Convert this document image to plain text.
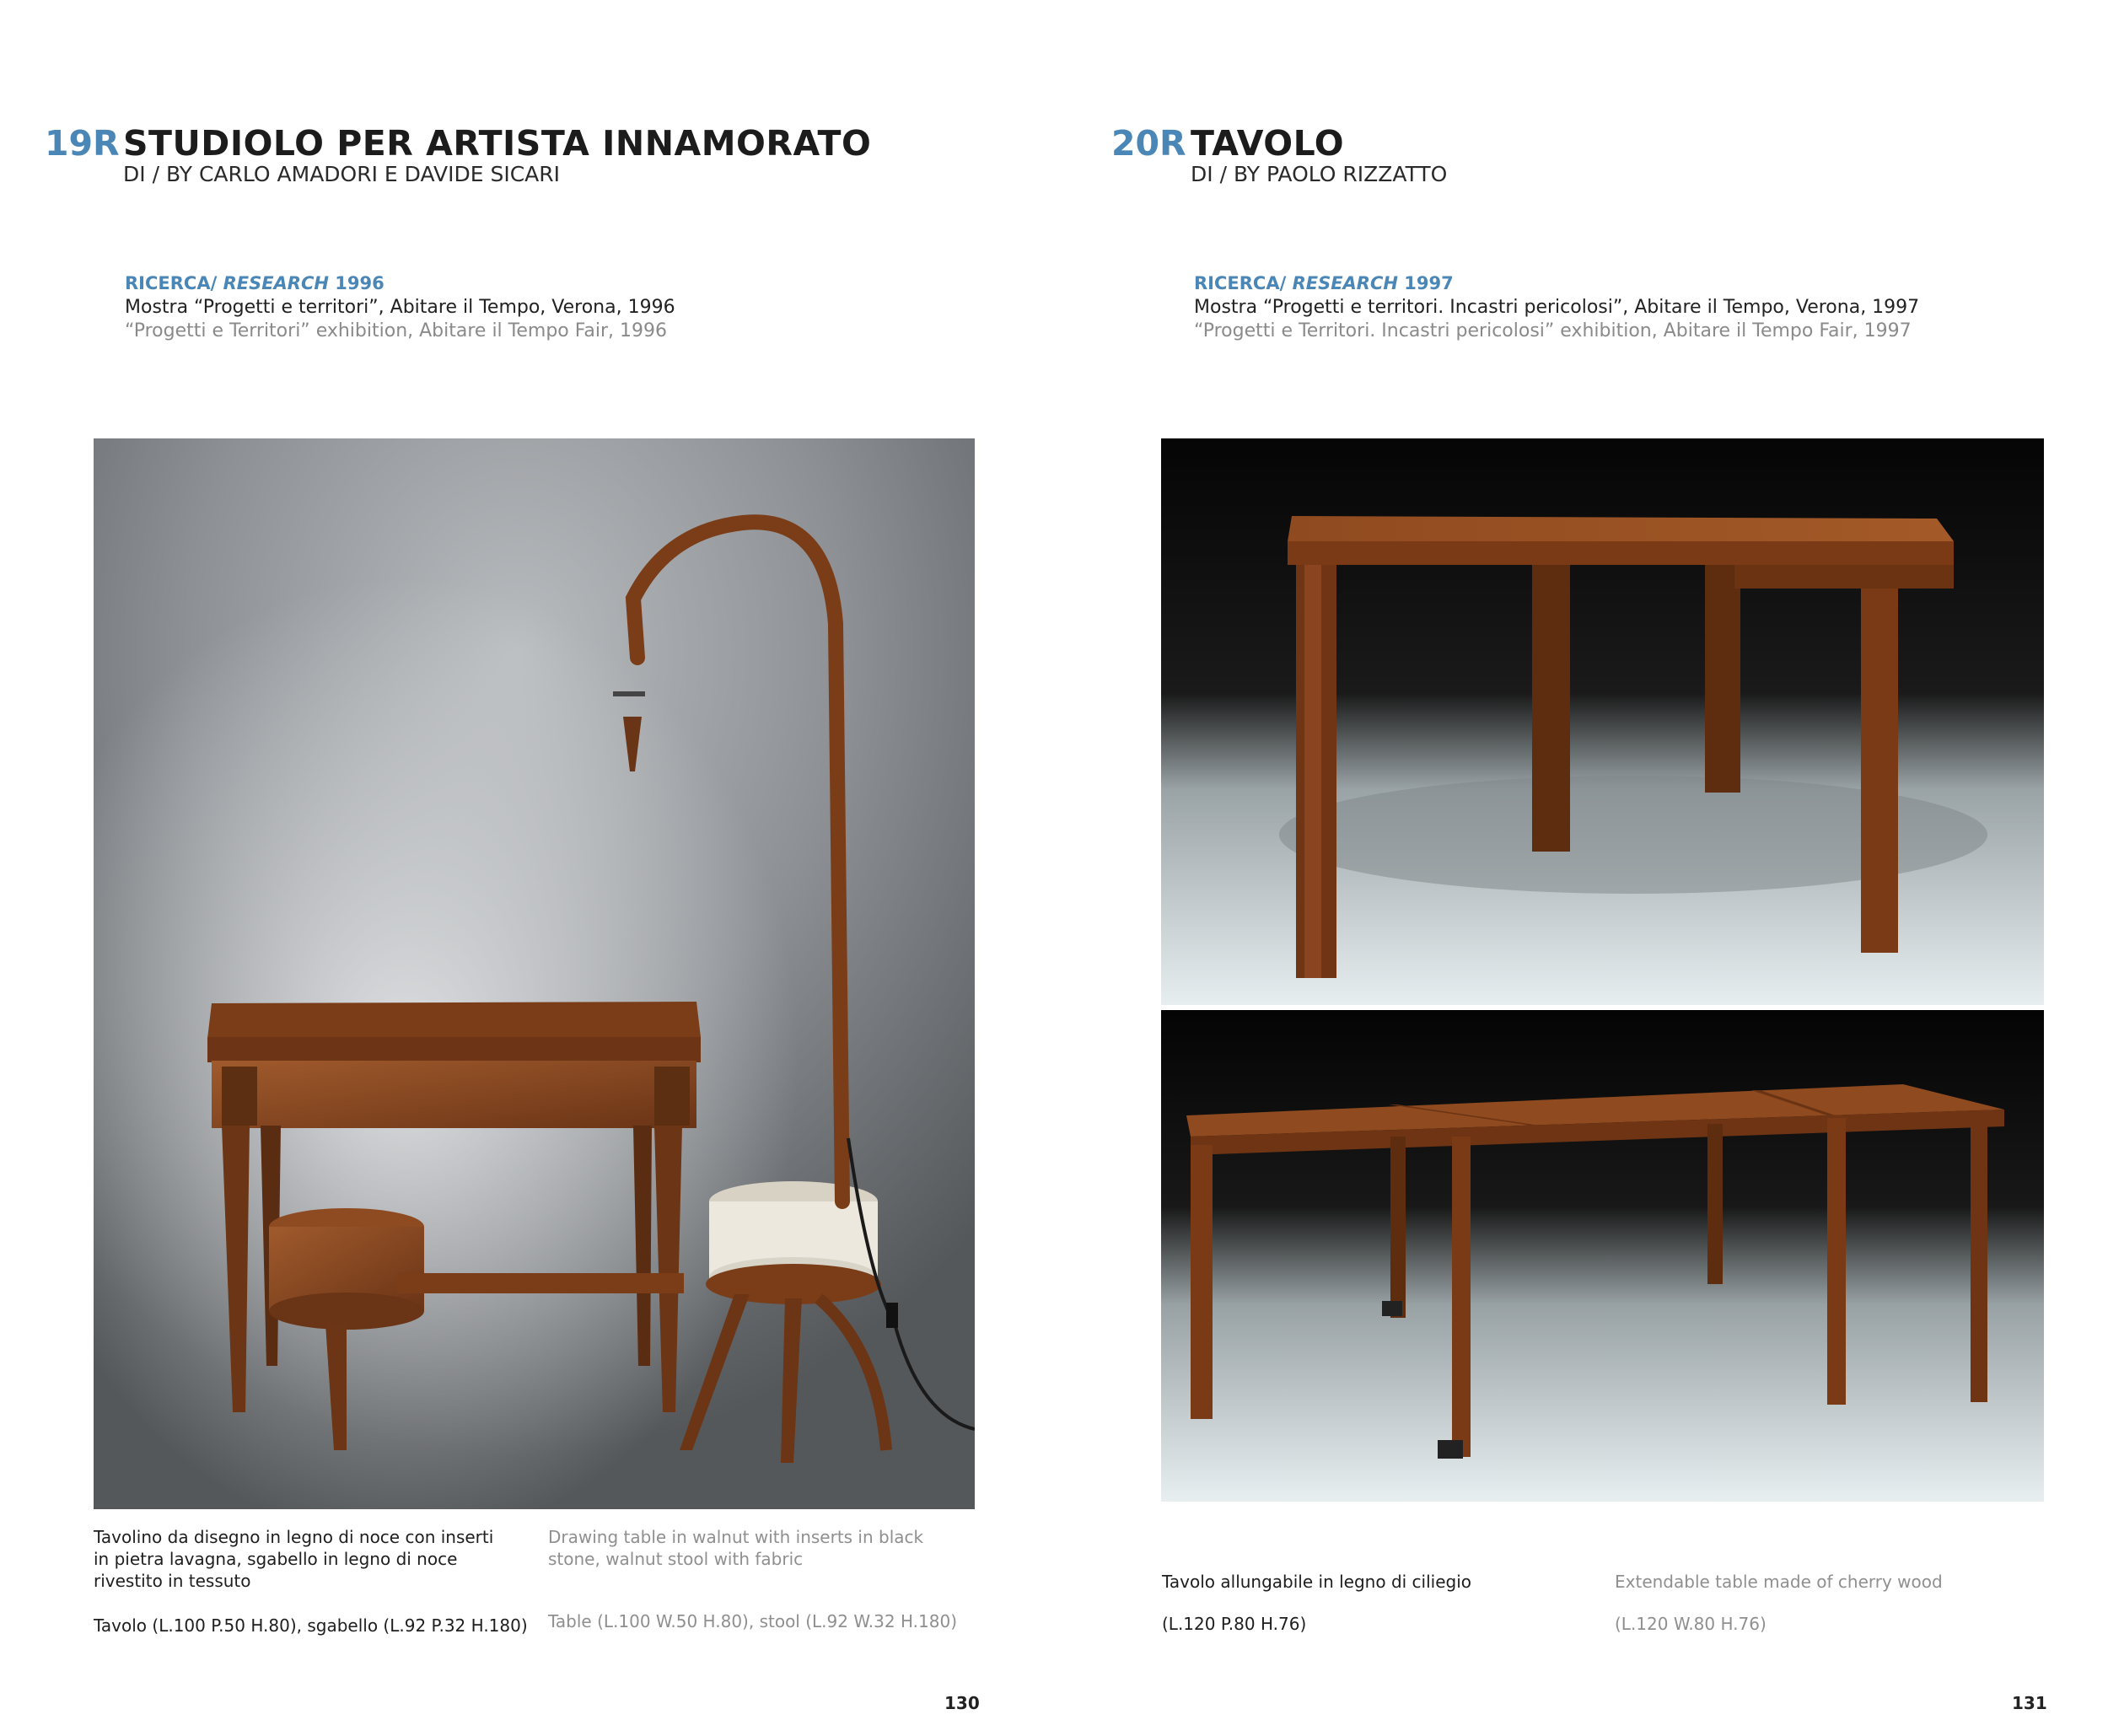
19R STUDIOLO PER ARTISTA INNAMORATO
DI / BY CARLO AMADORI E DAVIDE SICARI
RICERCA/ RESEARCH 1996
Mostra “Progetti e territori”, Abitare il Tempo, Verona, 1996
“Progetti e Territori” exhibition, Abitare il Tempo Fair, 1996
Tavolino da disegno in legno di noce con inserti
in pietra lavagna, sgabello in legno di noce
rivestito in tessuto
Drawing table in walnut with inserts in black
stone, walnut stool with fabric
Tavolo (L.100 P.50 H.80), sgabello (L.92 P.32 H.180) Table (L.100 W.50 H.80), stool (L.92 W.32 H.180)
130
20R TAVOLO
DI / BY PAOLO RIZZATTO
RICERCA/ RESEARCH 1997
Mostra “Progetti e territori. Incastri pericolosi”, Abitare il Tempo, Verona, 1997
“Progetti e Territori. Incastri pericolosi” exhibition, Abitare il Tempo Fair, 1997
Tavolo allungabile in legno di ciliegio	Extendable table made of cherry wood
(L.120 P.80 H.76)	(L.120 W.80 H.76)
131
